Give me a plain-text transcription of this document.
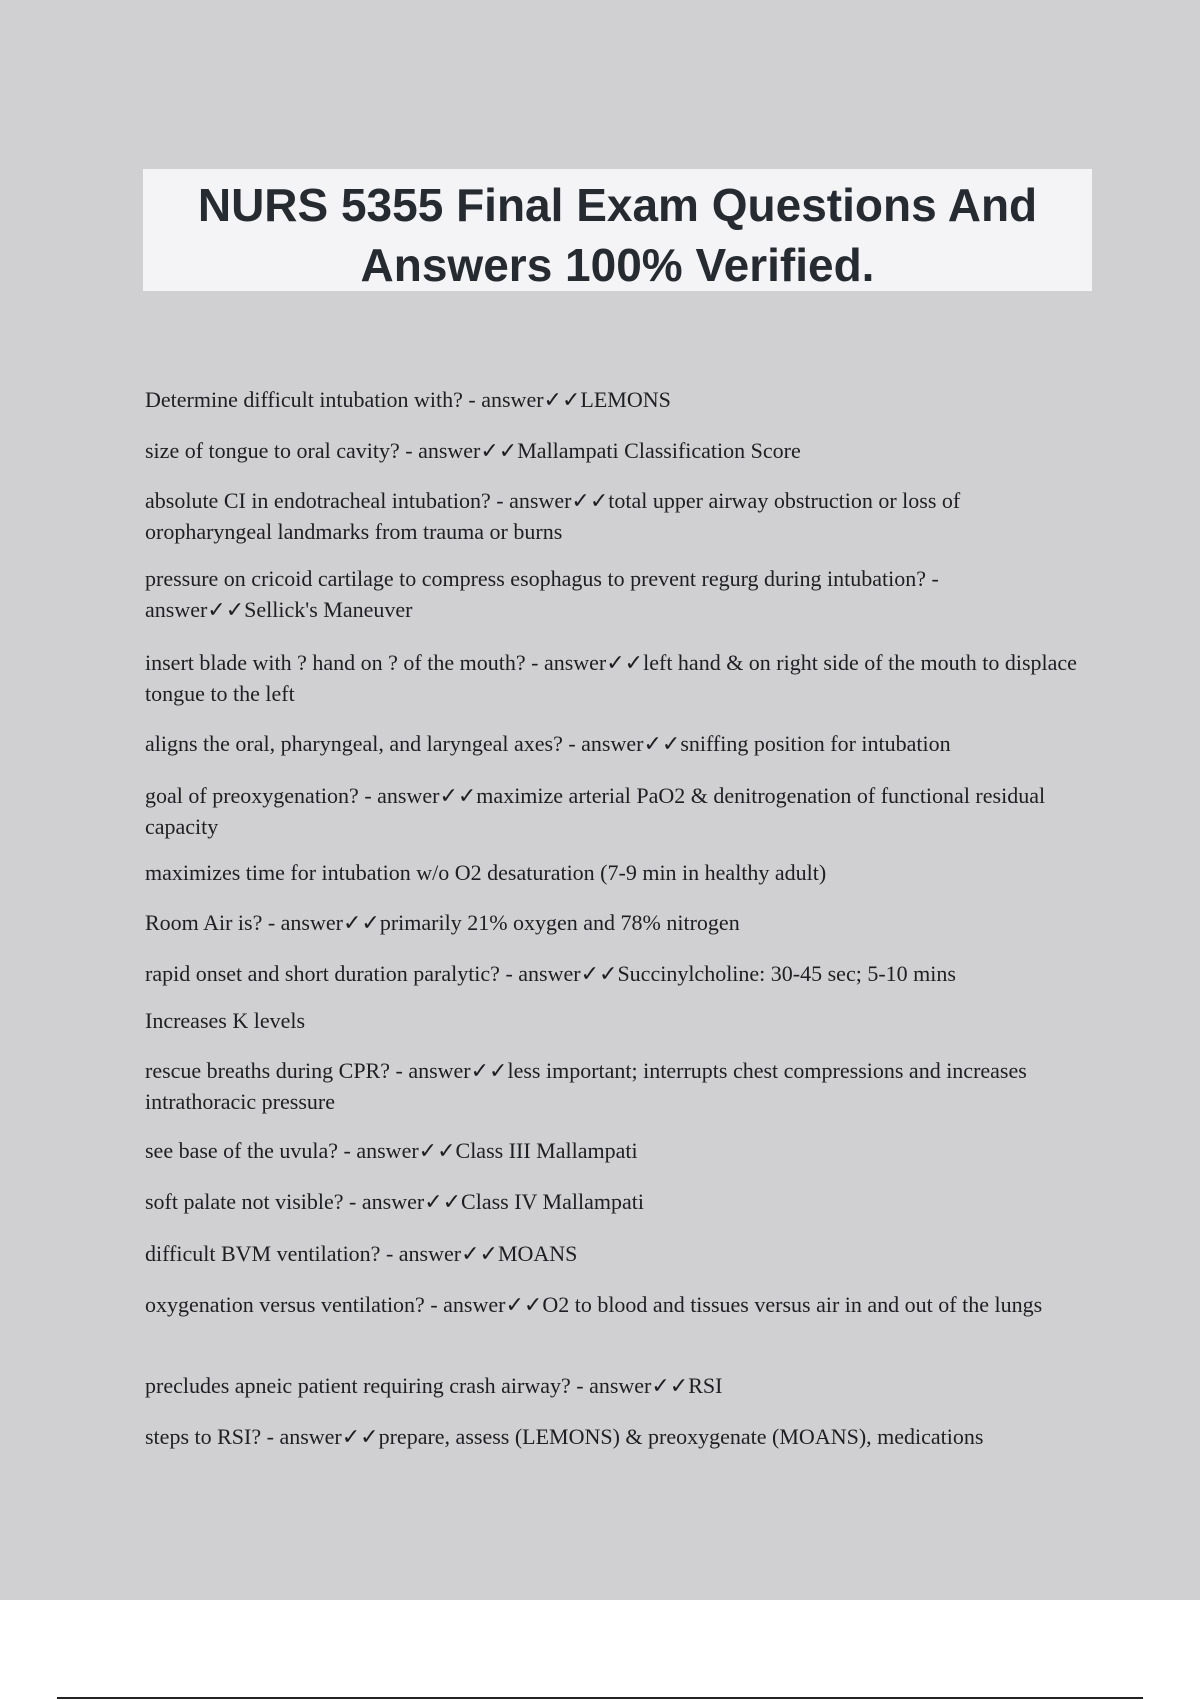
NURS 5355 Final Exam Questions And
Answers 100% Verified.

Determine difficult intubation with? - answer✓✓LEMONS

size of tongue to oral cavity? - answer✓✓Mallampati Classification Score

absolute CI in endotracheal intubation? - answer✓✓total upper airway obstruction or loss of oropharyngeal landmarks from trauma or burns

pressure on cricoid cartilage to compress esophagus to prevent regurg during intubation? - answer✓✓Sellick's Maneuver

insert blade with ? hand on ? of the mouth? - answer✓✓left hand & on right side of the mouth to displace tongue to the left

aligns the oral, pharyngeal, and laryngeal axes? - answer✓✓sniffing position for intubation

goal of preoxygenation? - answer✓✓maximize arterial PaO2 & denitrogenation of functional residual capacity

maximizes time for intubation w/o O2 desaturation (7-9 min in healthy adult)

Room Air is? - answer✓✓primarily 21% oxygen and 78% nitrogen

rapid onset and short duration paralytic? - answer✓✓Succinylcholine: 30-45 sec; 5-10 mins

Increases K levels

rescue breaths during CPR? - answer✓✓less important; interrupts chest compressions and increases intrathoracic pressure

see base of the uvula? - answer✓✓Class III Mallampati

soft palate not visible? - answer✓✓Class IV Mallampati

difficult BVM ventilation? - answer✓✓MOANS

oxygenation versus ventilation? - answer✓✓O2 to blood and tissues versus air in and out of the lungs

precludes apneic patient requiring crash airway? - answer✓✓RSI

steps to RSI? - answer✓✓prepare, assess (LEMONS) & preoxygenate (MOANS), medications
